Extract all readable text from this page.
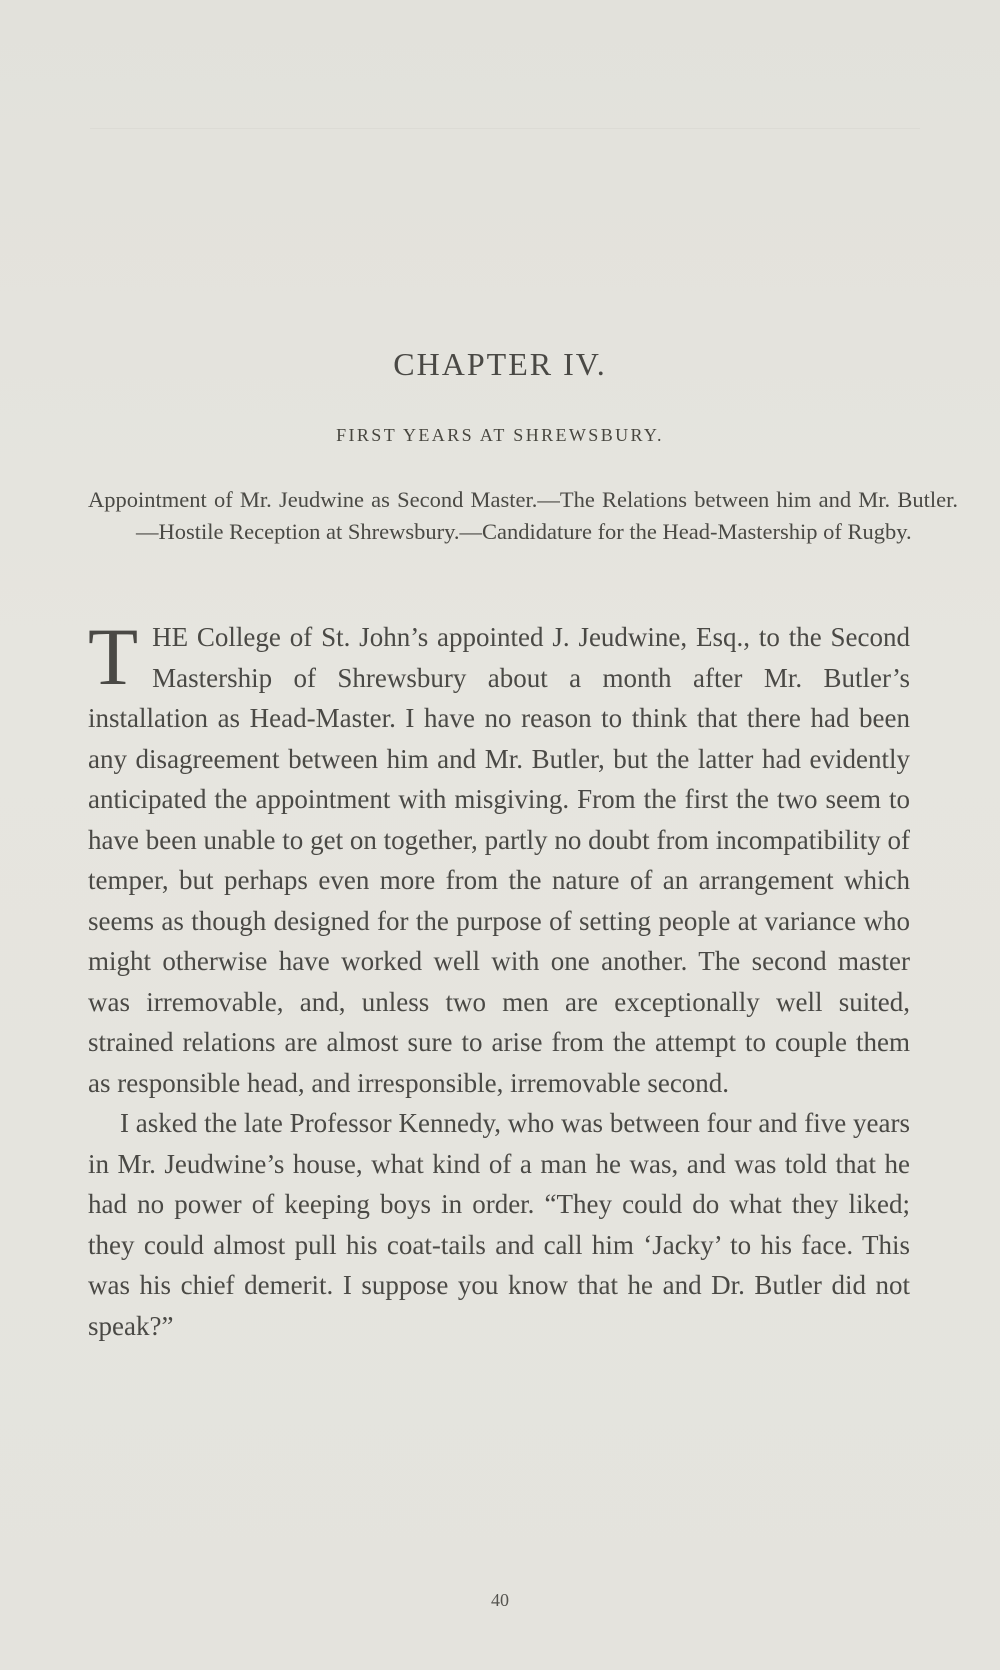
CHAPTER IV.
FIRST YEARS AT SHREWSBURY.
Appointment of Mr. Jeudwine as Second Master.—The Relations between him and Mr. Butler.—Hostile Reception at Shrewsbury.—Candidature for the Head-Mastership of Rugby.

THE College of St. John’s appointed J. Jeudwine, Esq., to the Second Mastership of Shrewsbury about a month after Mr. Butler’s installation as Head-Master. I have no reason to think that there had been any disagreement between him and Mr. Butler, but the latter had evidently anticipated the appointment with misgiving. From the first the two seem to have been unable to get on together, partly no doubt from incompatibility of temper, but perhaps even more from the nature of an arrangement which seems as though designed for the purpose of setting people at variance who might otherwise have worked well with one another. The second master was irremovable, and, unless two men are exceptionally well suited, strained relations are almost sure to arise from the attempt to couple them as responsible head, and irresponsible, irremovable second.

I asked the late Professor Kennedy, who was between four and five years in Mr. Jeudwine’s house, what kind of a man he was, and was told that he had no power of keeping boys in order. “They could do what they liked; they could almost pull his coat-tails and call him ‘Jacky’ to his face. This was his chief demerit. I suppose you know that he and Dr. Butler did not speak?”

40
